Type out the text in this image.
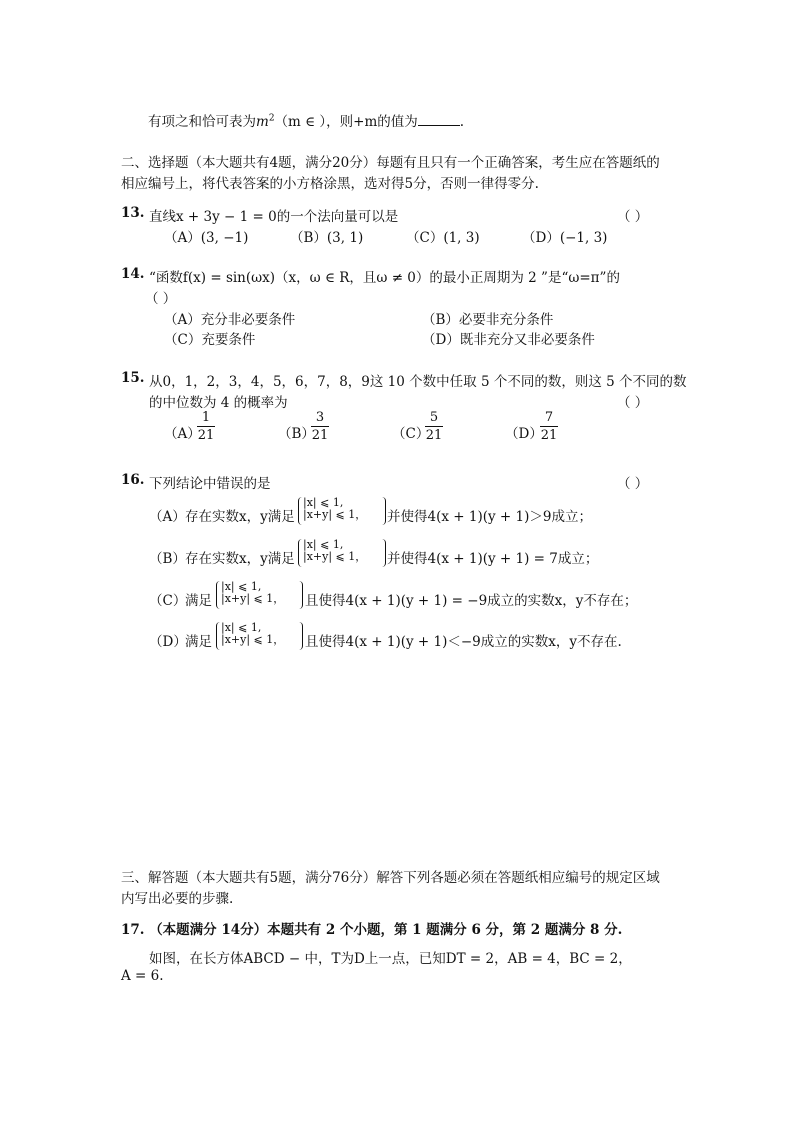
有项之和恰可表为$m^2(m$ ∈ ），则+m的值为	.
二、选择题（本大题共有4题，满分20分）每题有且只有一个正确答案，考生应在答题纸的
相应编号上，将代表答案的小方格涂黑，选对得5分，否则一律得零分.
13. 直线x + 3y − 1 = 0的一个法向量可以是	（ ）
（A）(3, −1)	（B）(3, 1)	（C）(1, 3)	（D）(−1, 3)
14. “函数f(x) = sin(ωx)（x，ω ∈ R，且ω ≠ 0）的最小正周期为 2 ”是“ω=π”的
（ ）
（A）充分非必要条件	（B）必要非充分条件
（C）充要条件	（D）既非充分又非必要条件
15. 从0，1，2，3，4，5，6，7，8，9这 10 个数中任取 5 个不同的数，则这 5 个不同的数
的中位数为 4 的概率为	（ ）
（A）
1
21	（B）
3
21	（C）
5
21	（D）
7
21
16. 下列结论中错误的是	（ ）
（A） 存在实数x，y满足
|x| ⩽ 1,
|x+y| ⩽ 1， 并使得4(x + 1)(y + 1)＞9成立；
（B） 存在实数x，y满足
|x| ⩽ 1,
|x+y| ⩽ 1， 并使得4(x + 1)(y + 1) = 7成立；
（C）
满足
|x| ⩽ 1,
|x+y| ⩽ 1， 且使得4(x + 1)(y + 1) = −9成立的实数x，y不存在；
（D）
满足
|x| ⩽ 1,
|x+y| ⩽ 1， 且使得4(x + 1)(y + 1)＜−9成立的实数x，y不存在.
三、解答题（本大题共有5题，满分76分）解答下列各题必须在答题纸相应编号的规定区域
内写出必要的步骤.
17. （本题满分 14分）本题共有 2 个小题，第 1 题满分 6 分，第 2 题满分 8 分.
如图，在长方体ABCD − 中，T为D上一点，已知DT = 2，AB = 4，BC = 2，
A = 6.
